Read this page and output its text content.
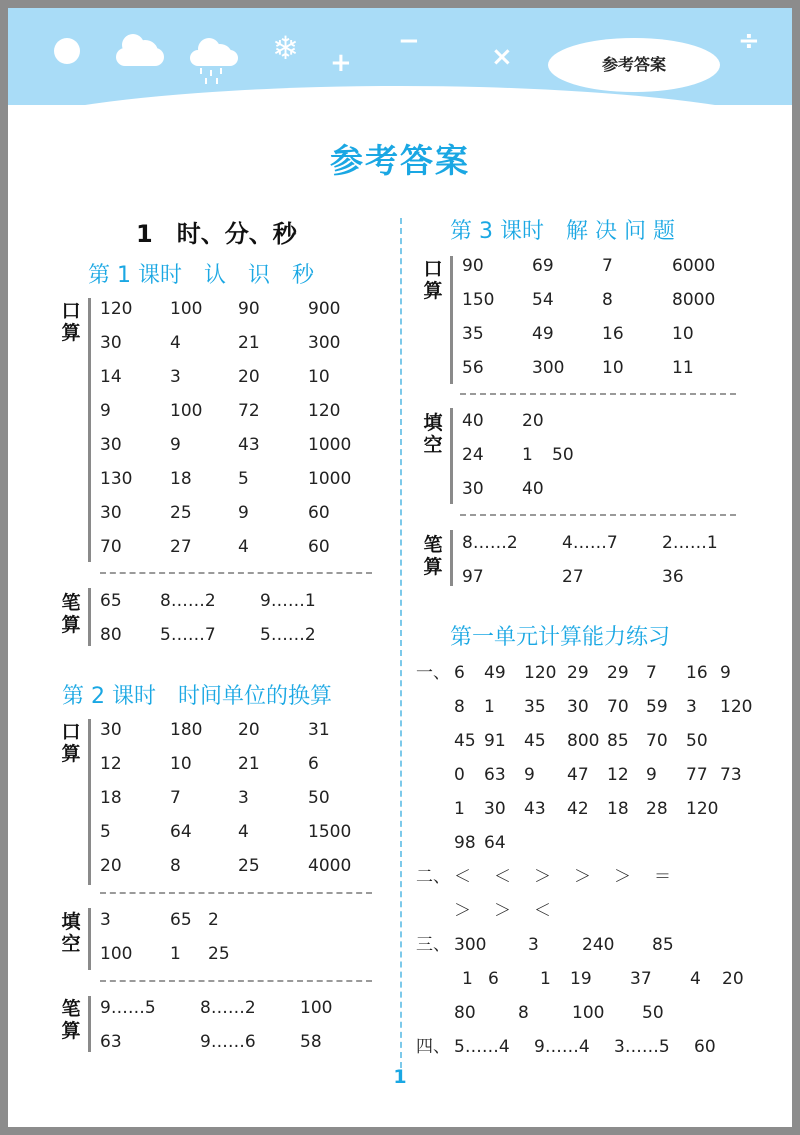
❄ +
−
×
÷
参考答案
参考答案
1　时、分、秒
第 1 课时　认　识　秒
口
算
120 100 90	900
30	4	21	300
14	3	20	10
9	100 72	120
30	9	43	1000
130 18	5	1000
30	25	9	60
70	27	4	60
笔
算
65 8……2	9……1
80 5……7	5……2
第 2 课时　时间单位的换算
口
算
30	180 20	31
12	10	21	6
18	7	3	50
5	64	4	1500
20	8	25	4000
填
空
3	65 2
100 1 25
笔
算
9……5	8……2	100
63	9……6	58
第 3 课时　解 决 问 题
口
算
90	69	7	6000
150 54	8	8000
35	49	16	10
56	300 10	11
填
空
40 20
24 1 50
30 40
笔
算
8……2	4……7	2……1
97	27	36
第一单元计算能力练习
一、 6 49 120 29 29 7 16 9
8 1 35 30 70 59 3 120
45 91 45 800 85 70 50
0 63 9 47 12 9 77 73
1 30 43 42 18 28 120
98 64
二、 ＜ ＜ ＞ ＞ ＞ ＝
＞ ＞ ＜
三、 300 3	240 85
1 6 1 19 37 4 20
80 8	100 50
四、 5……4 9……4 3……5 60
1
